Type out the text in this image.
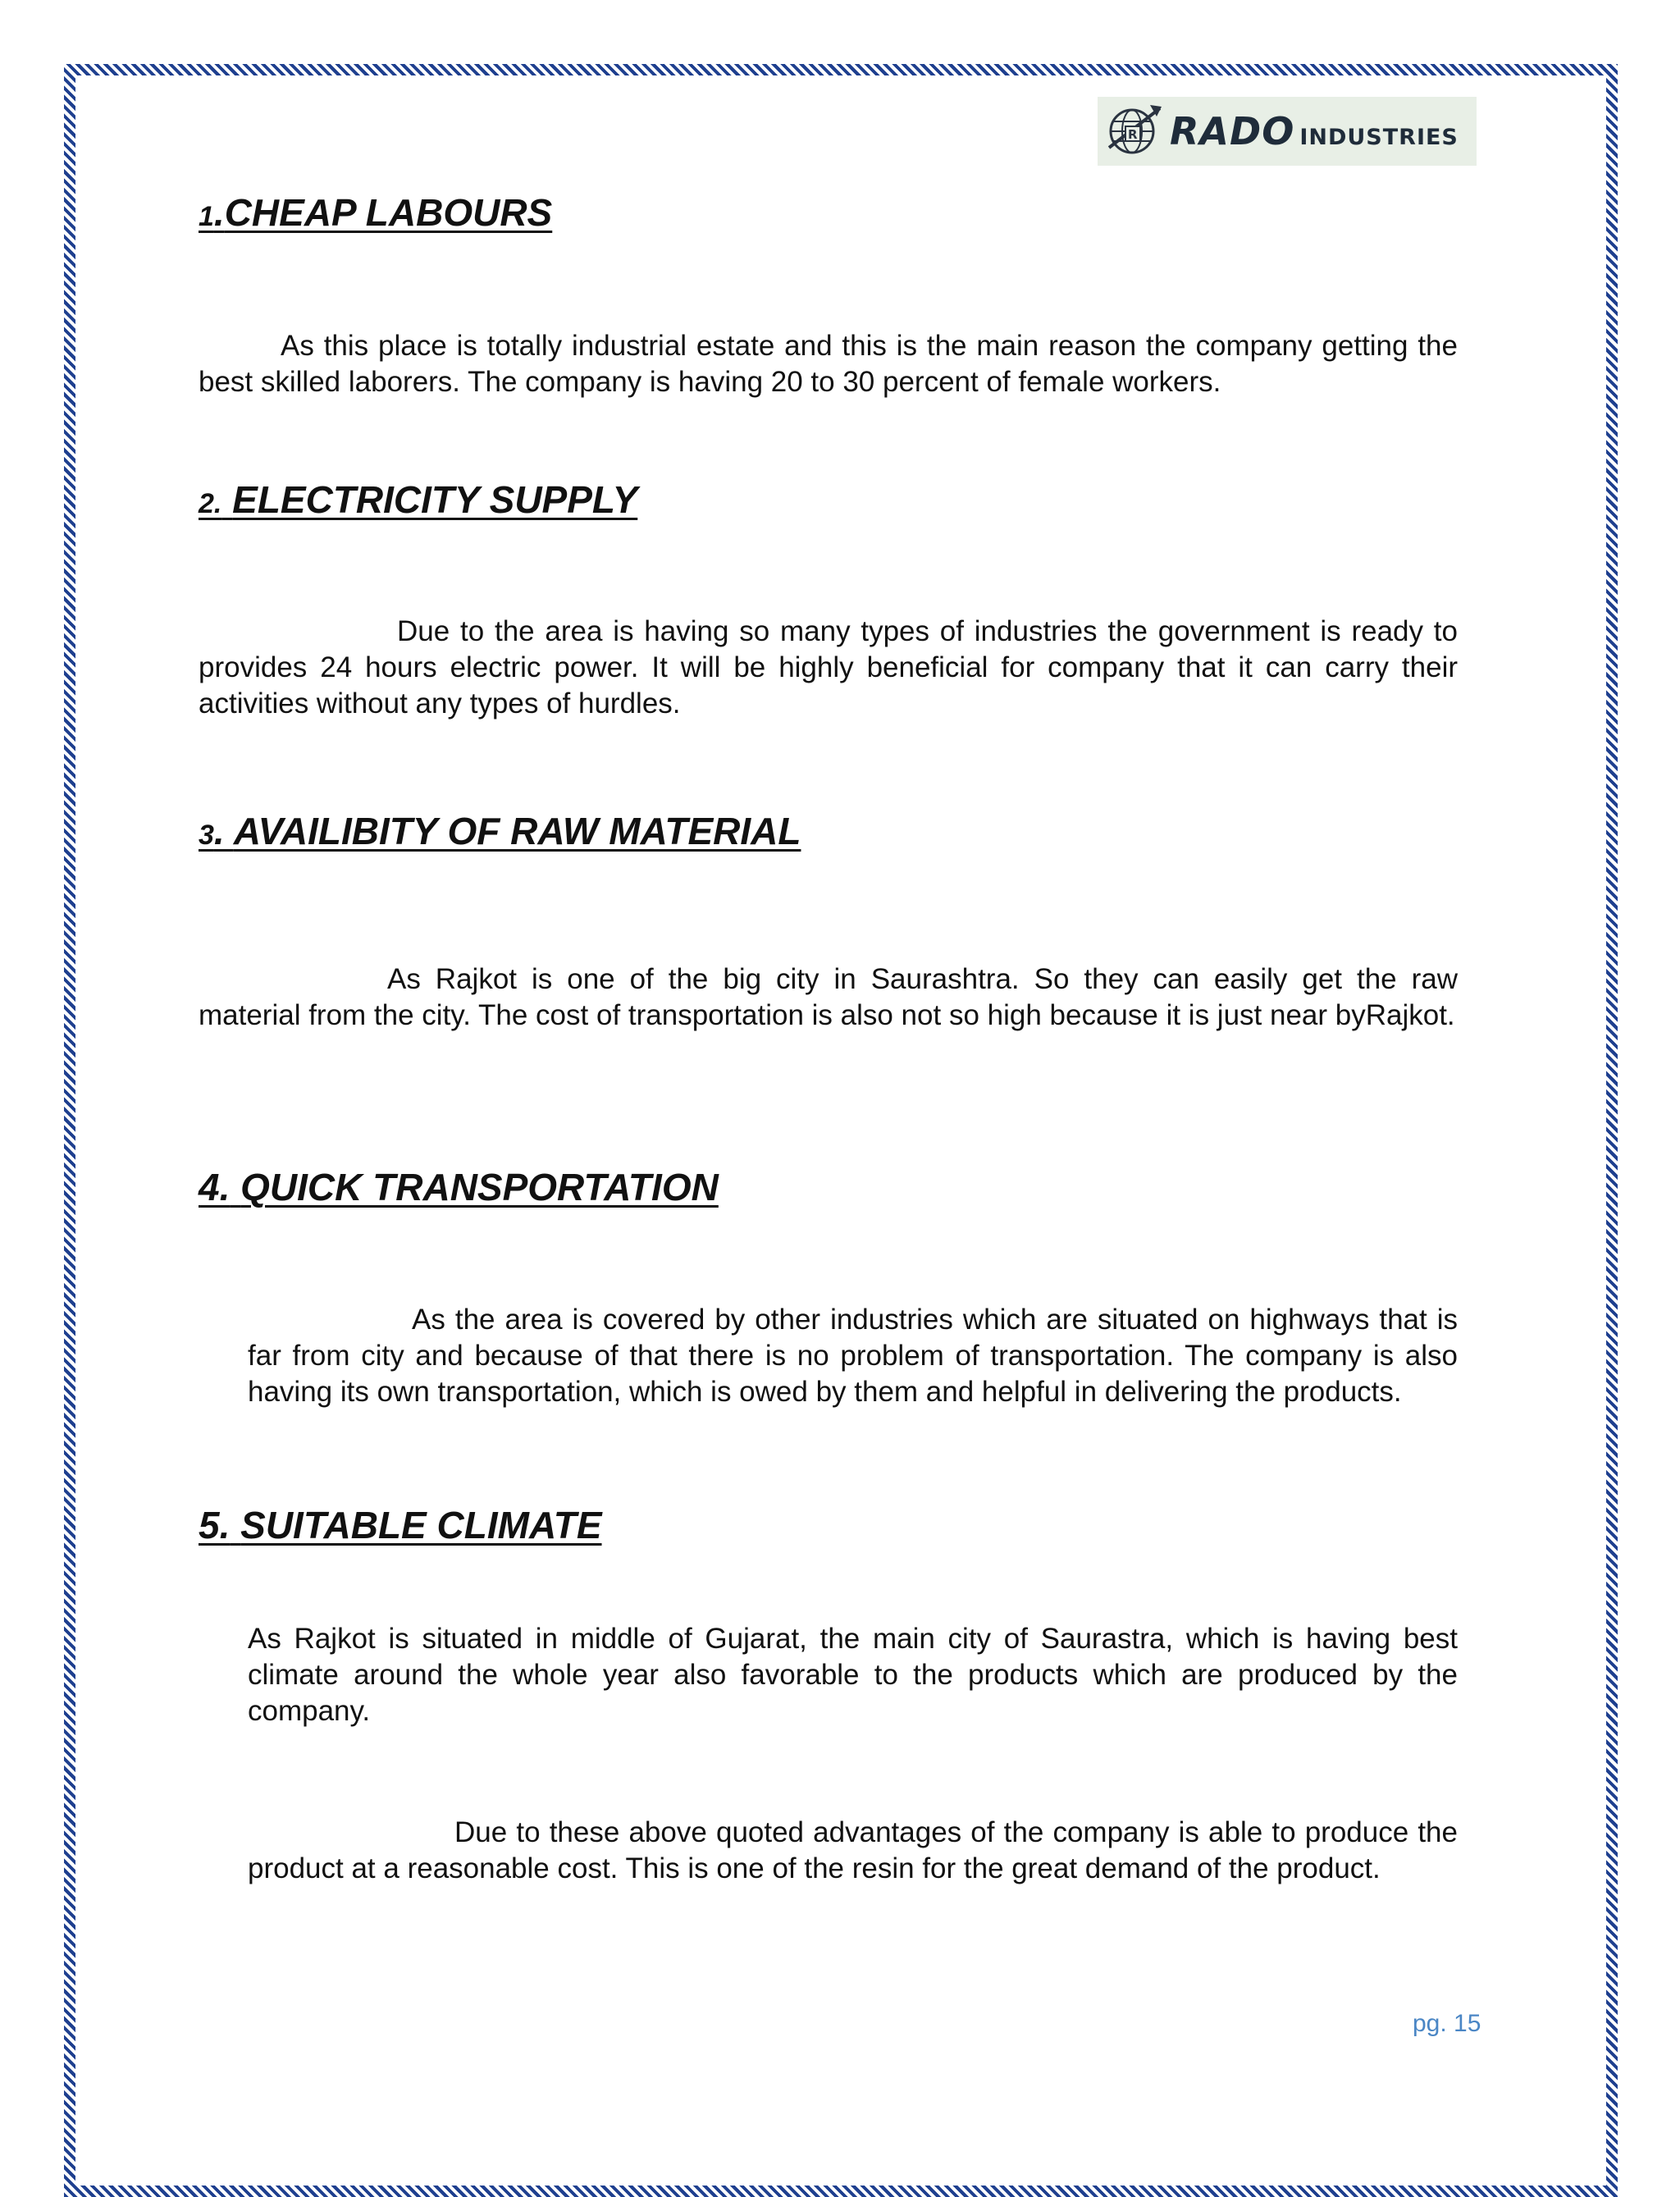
R RADO INDUSTRIES
1.CHEAP LABOURS

As this place is totally industrial estate and this is the main reason the company getting the best skilled laborers. The company is having 20 to 30 percent of female workers.

2. ELECTRICITY SUPPLY

Due to the area is having so many types of industries the government is ready to provides 24 hours electric power. It will be highly beneficial for company that it can carry their activities without any types of hurdles.

3. AVAILIBITY OF RAW MATERIAL

As Rajkot is one of the big city in Saurashtra. So they can easily get the raw material from the city. The cost of transportation is also not so high because it is just near byRajkot.

4. QUICK TRANSPORTATION

As the area is covered by other industries which are situated on highways that is far from city and because of that there is no problem of transportation. The company is also having its own transportation, which is owed by them and helpful in delivering the products.

5. SUITABLE CLIMATE

As Rajkot is situated in middle of Gujarat, the main city of Saurastra, which is having best climate around the whole year also favorable to the products which are produced by the company.

Due to these above quoted advantages of the company is able to produce the product at a reasonable cost. This is one of the resin for the great demand of the product.

pg. 15
